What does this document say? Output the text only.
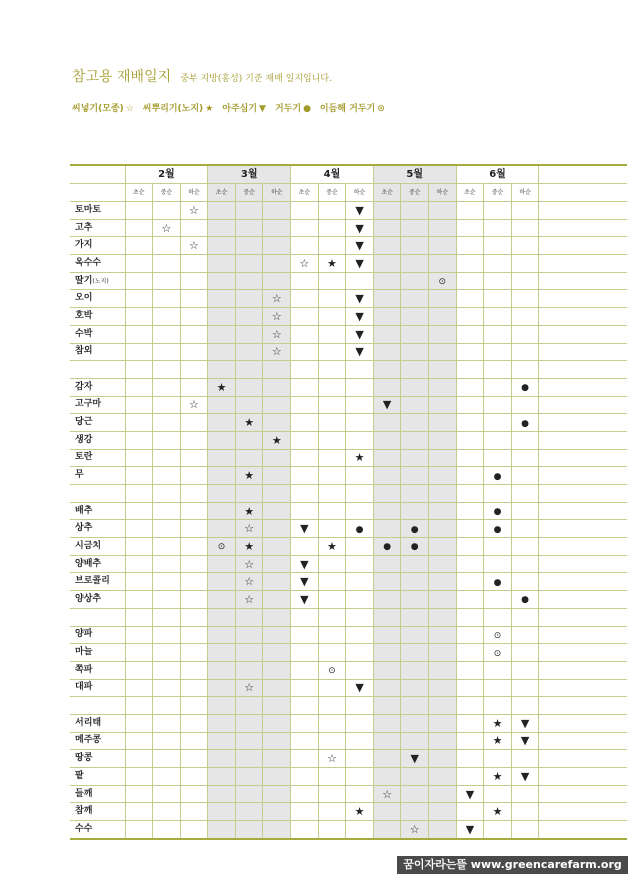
참고용 재배일지 중부 지방(홍성) 기준 재배 일지입니다.
씨넣기(모종) ☆ 씨뿌리기(노지) ★ 아주심기 ▼ 거두기 ● 이듬해 거두기 ⊙
	2월			3월			4월			5월			6월			
	초순	중순	하순	초순	중순	하순	초순	중순	하순	초순	중순	하순	초순	중순	하순	
토마토			☆						▼							
고추		☆							▼							
가지			☆						▼							
옥수수							☆	★	▼							
딸기(노지)												⊙				
오이						☆			▼							
호박						☆			▼							
수박						☆			▼							
참외						☆			▼							

감자				★											●	
고구마			☆							▼						
당근					★										●	
생강						★										
토란									★							
무					★									●		

배추					★									●		
상추					☆		▼		●		●			●		
시금치				⊙	★			★		●	●					
양배추					☆		▼									
브로콜리					☆		▼							●		
양상추					☆		▼								●	

양파														⊙		
마늘														⊙		
쪽파								⊙								
대파					☆				▼							

서리태														★	▼	
메주콩														★	▼	
땅콩								☆			▼					
팥														★	▼	
들깨										☆			▼			
참깨									★					★		
수수											☆		▼			
꿈이자라는뜰 www.greencarefarm.org
